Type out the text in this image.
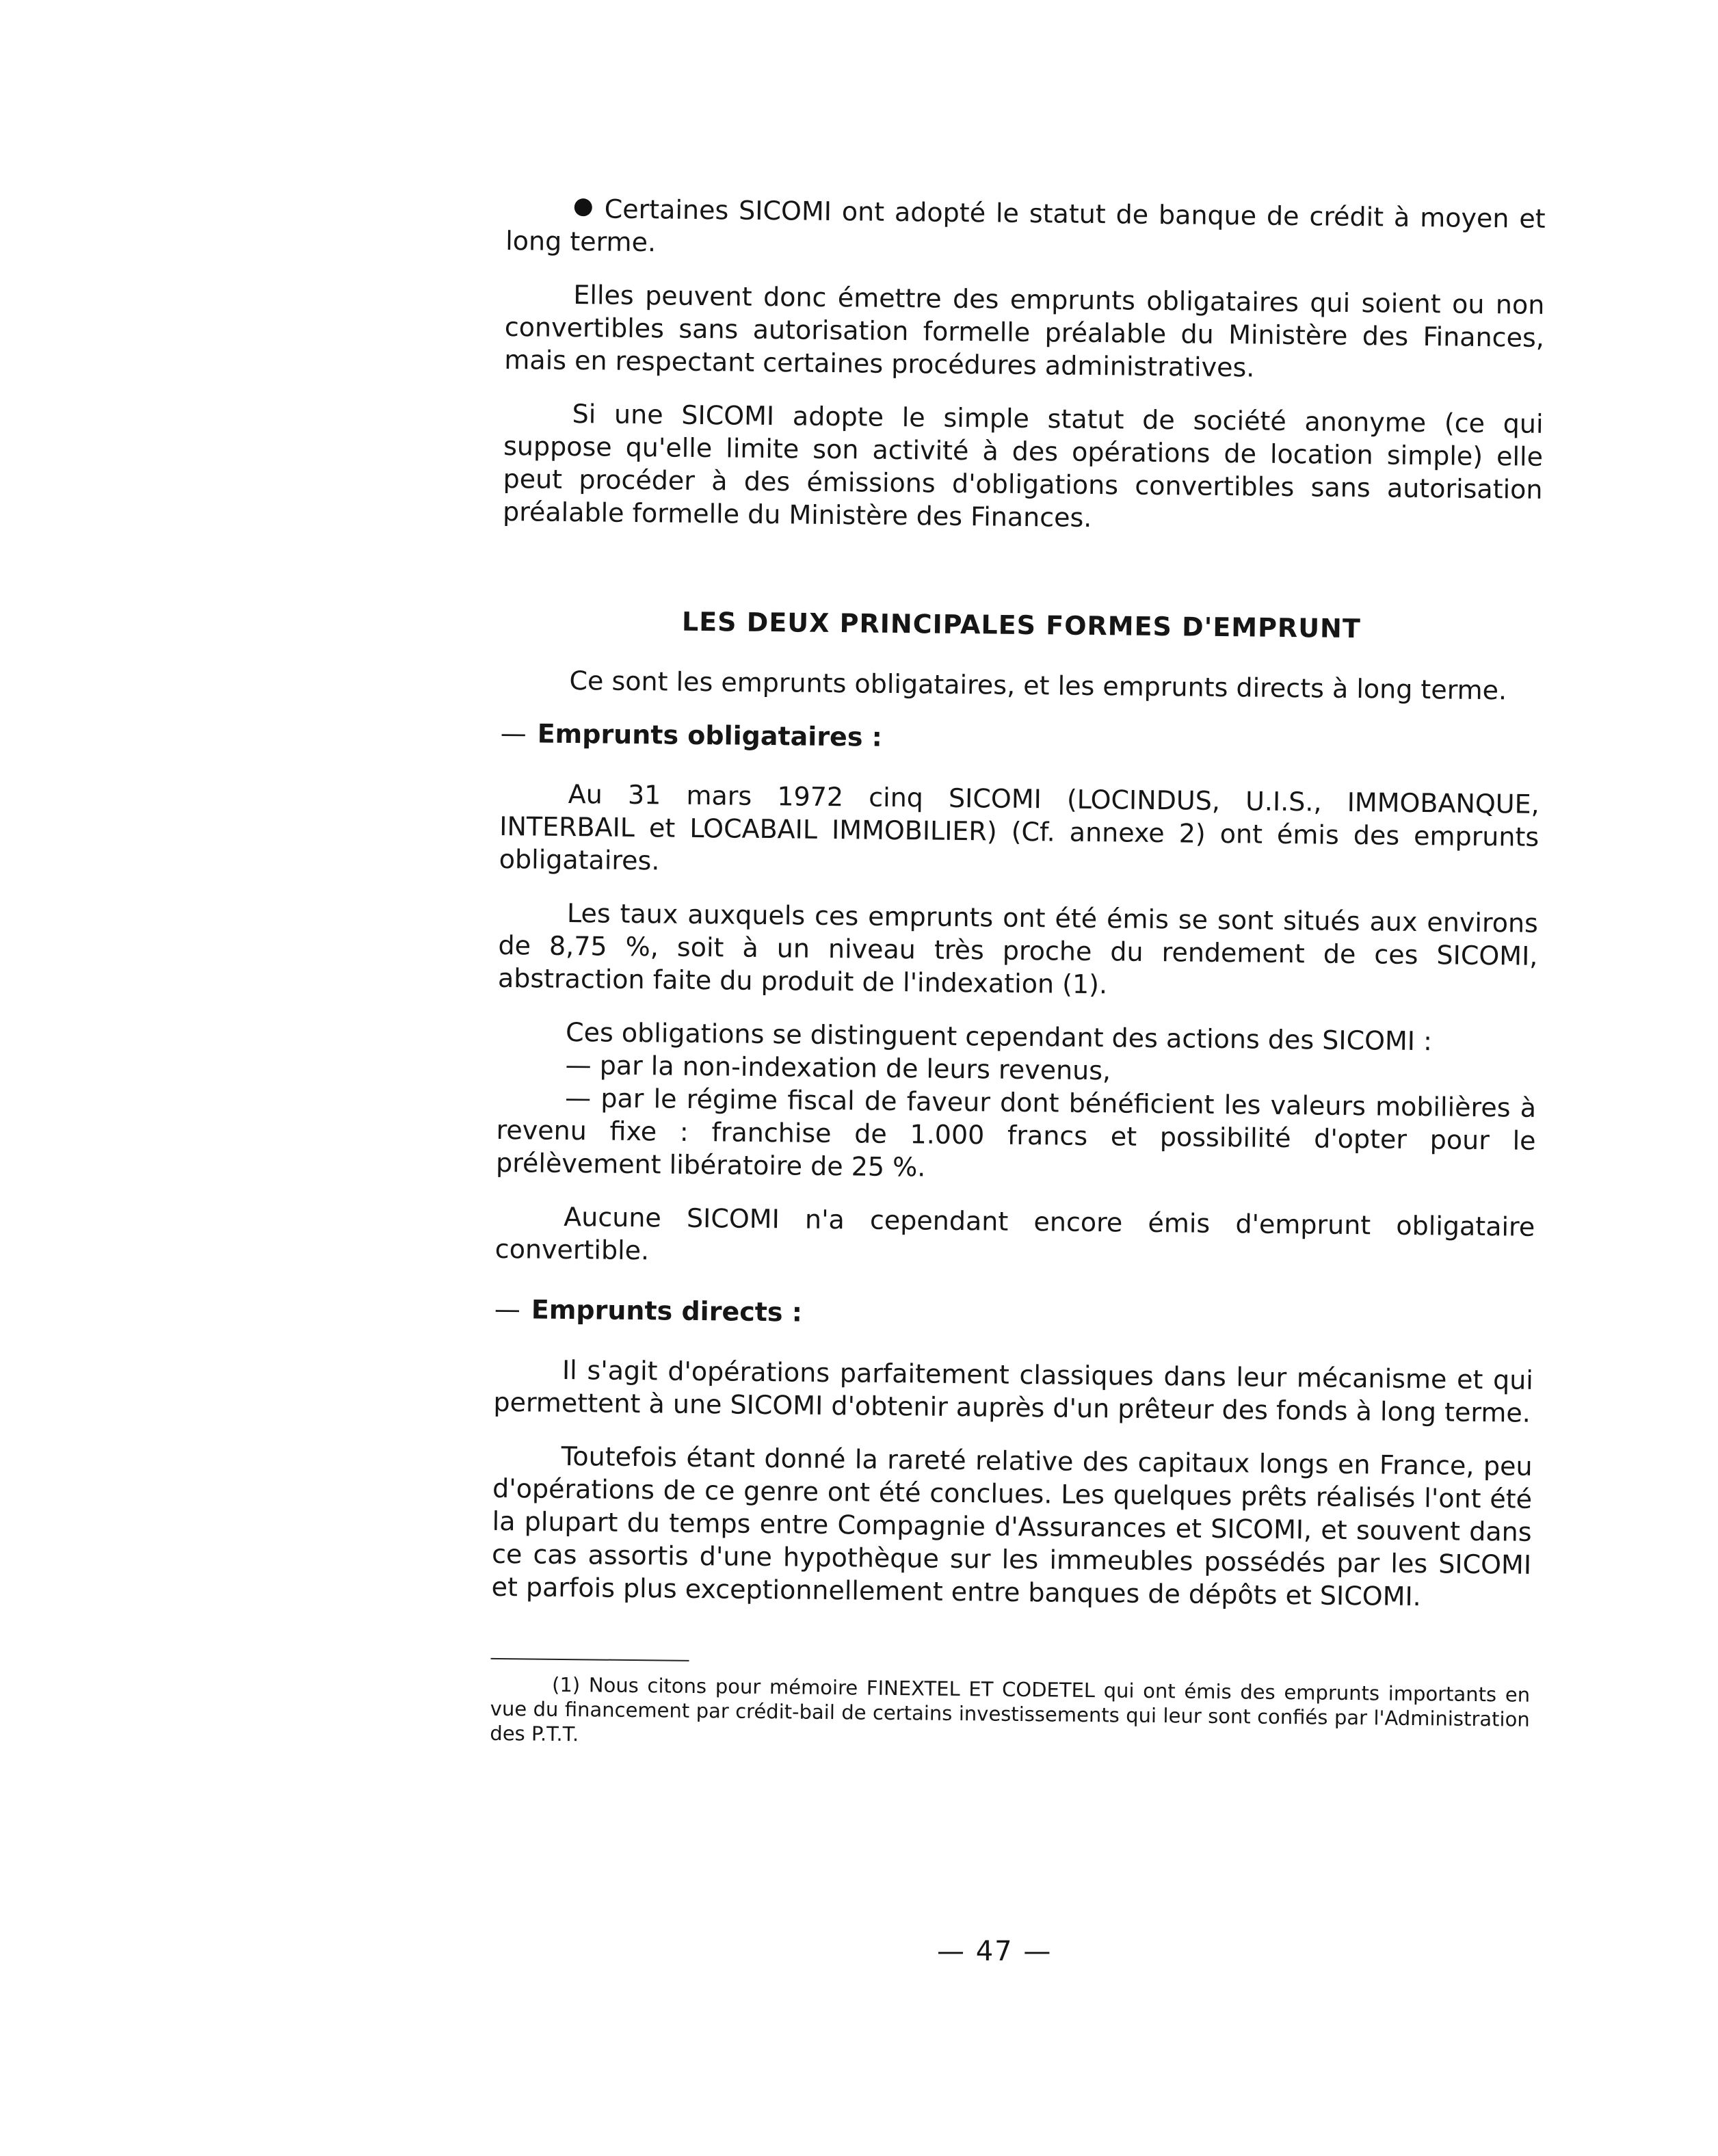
Certaines SICOMI ont adopté le statut de banque de crédit à moyen et long terme.

Elles peuvent donc émettre des emprunts obligataires qui soient ou non convertibles sans autorisation formelle préalable du Ministère des Finances, mais en respectant certaines procédures administratives.

Si une SICOMI adopte le simple statut de société anonyme (ce qui suppose qu'elle limite son activité à des opérations de location simple) elle peut procéder à des émissions d'obligations convertibles sans autorisation préalable formelle du Ministère des Finances.

LES DEUX PRINCIPALES FORMES D'EMPRUNT

Ce sont les emprunts obligataires, et les emprunts directs à long terme.

— Emprunts obligataires :

Au 31 mars 1972 cinq SICOMI (LOCINDUS, U.I.S., IMMOBANQUE, INTERBAIL et LOCABAIL IMMOBILIER) (Cf. annexe 2) ont émis des emprunts obligataires.

Les taux auxquels ces emprunts ont été émis se sont situés aux environs de 8,75 %, soit à un niveau très proche du rendement de ces SICOMI, abstraction faite du produit de l'indexation (1).

Ces obligations se distinguent cependant des actions des SICOMI :

— par la non-indexation de leurs revenus,

— par le régime fiscal de faveur dont bénéficient les valeurs mobilières à revenu fixe : franchise de 1.000 francs et possibilité d'opter pour le prélèvement libératoire de 25 %.

Aucune SICOMI n'a cependant encore émis d'emprunt obligataire convertible.

— Emprunts directs :

Il s'agit d'opérations parfaitement classiques dans leur mécanisme et qui permettent à une SICOMI d'obtenir auprès d'un prêteur des fonds à long terme.

Toutefois étant donné la rareté relative des capitaux longs en France, peu d'opérations de ce genre ont été conclues. Les quelques prêts réalisés l'ont été la plupart du temps entre Compagnie d'Assurances et SICOMI, et souvent dans ce cas assortis d'une hypothèque sur les immeubles possédés par les SICOMI et parfois plus exceptionnellement entre banques de dépôts et SICOMI.

(1) Nous citons pour mémoire FINEXTEL ET CODETEL qui ont émis des emprunts importants en vue du financement par crédit-bail de certains investissements qui leur sont confiés par l'Administration des P.T.T.

— 47 —
